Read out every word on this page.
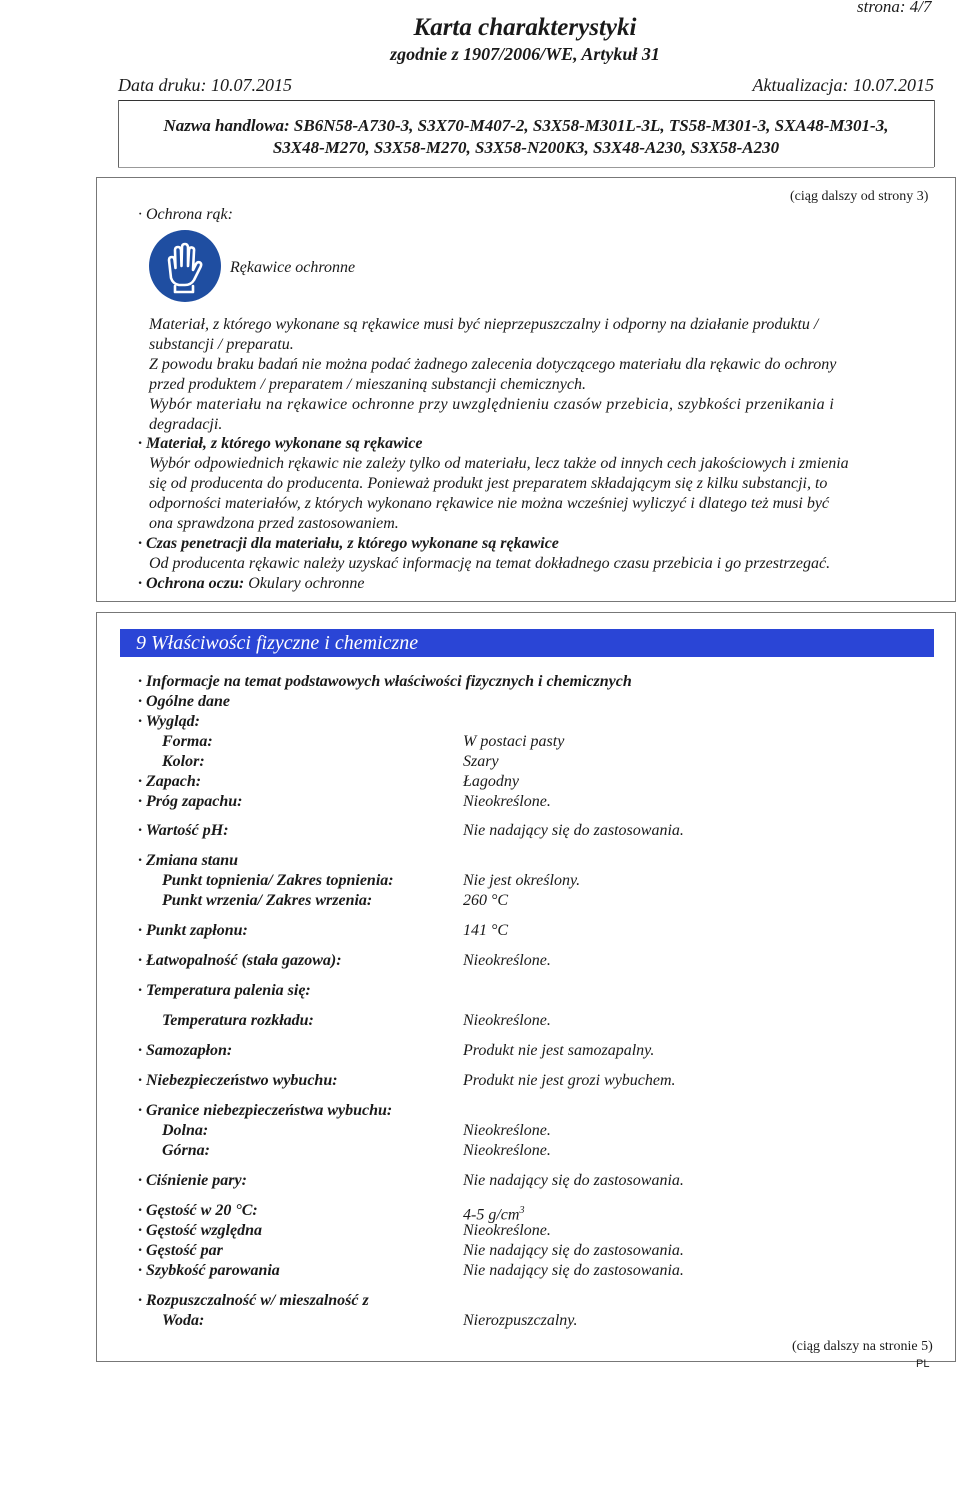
strona: 4/7
Karta charakterystyki
zgodnie z 1907/2006/WE, Artykuł 31
Data druku: 10.07.2015	Aktualizacja: 10.07.2015
Nazwa handlowa: SB6N58-A730-3, S3X70-M407-2, S3X58-M301L-3L, TS58-M301-3, SXA48-M301-3,
S3X48-M270, S3X58-M270, S3X58-N200K3, S3X48-A230, S3X58-A230
· Ochrona rąk:
(ciąg dalszy od strony 3)
Rękawice ochronne
Materiał, z którego wykonane są rękawice musi być nieprzepuszczalny i odporny na działanie produktu /
substancji / preparatu.
Z powodu braku badań nie można podać żadnego zalecenia dotyczącego materiału dla rękawic do ochrony
przed produktem / preparatem / mieszaniną substancji chemicznych.
Wybór materiału na rękawice ochronne przy uwzględnieniu czasów przebicia, szybkości przenikania i
degradacji.
· Materiał, z którego wykonane są rękawice
Wybór odpowiednich rękawic nie zależy tylko od materiału, lecz także od innych cech jakościowych i zmienia
się od producenta do producenta. Ponieważ produkt jest preparatem składającym się z kilku substancji, to
odporności materiałów, z których wykonano rękawice nie można wcześniej wyliczyć i dlatego też musi być
ona sprawdzona przed zastosowaniem.
· Czas penetracji dla materiału, z którego wykonane są rękawice
Od producenta rękawic należy uzyskać informację na temat dokładnego czasu przebicia i go przestrzegać.
· Ochrona oczu: Okulary ochronne
9 Właściwości fizyczne i chemiczne
· Informacje na temat podstawowych właściwości fizycznych i chemicznych
· Ogólne dane
· Wygląd:
Forma:	W postaci pasty
Kolor:	Szary
· Zapach:	Łagodny
· Próg zapachu:	Nieokreślone.
· Wartość pH:	Nie nadający się do zastosowania.
· Zmiana stanu
Punkt topnienia/ Zakres topnienia:	Nie jest określony.
Punkt wrzenia/ Zakres wrzenia:	260 °C
· Punkt zapłonu:	141 °C
· Łatwopalność (stała gazowa):	Nieokreślone.
· Temperatura palenia się:
Temperatura rozkładu:	Nieokreślone.
· Samozapłon:	Produkt nie jest samozapalny.
· Niebezpieczeństwo wybuchu:	Produkt nie jest grozi wybuchem.
· Granice niebezpieczeństwa wybuchu:
Dolna:	Nieokreślone.
Górna:	Nieokreślone.
· Ciśnienie pary:	Nie nadający się do zastosowania.
· Gęstość w 20 °C:	4-5 $g/cm^3$
· Gęstość względna	Nieokreślone.
· Gęstość par	Nie nadający się do zastosowania.
· Szybkość parowania	Nie nadający się do zastosowania.
· Rozpuszczalność w/ mieszalność z
Woda:	Nierozpuszczalny.
(ciąg dalszy na stronie 5)
PL
